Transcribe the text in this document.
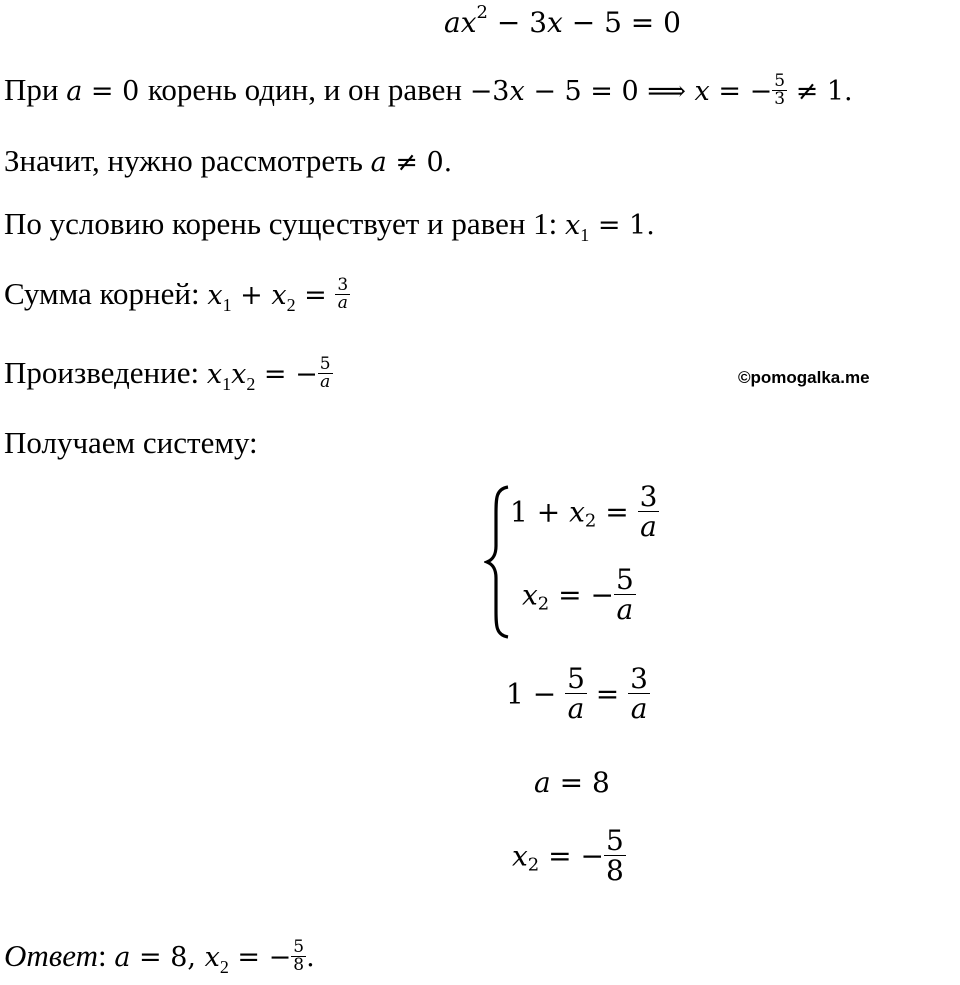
$ax^2 - 3x - 5 = 0$
При a = 0 корень один, и он равен −3x − 5 = 0 ⟹ x = − $\frac{5}{3} \ne 1$.
Значит, нужно рассмотреть a ≠ 0.
По условию корень существует и равен 1: $x_1 = 1$.
Сумма корней: $x_1 + x_2 = \frac{3}{a}$
Произведение: $x_1x_2$ = − $\frac{5}{a}$	©pomogalka.me
Получаем систему:
$1 + x_2 = \frac{3}{a}$
$x_2$ = − $\frac{5}{a}$
$1 - \frac{5}{a} = \frac{3}{a}$
a = 8
$x_2$ = − $\frac{5}{8}$
Ответ: a = 8, $x_2$ = − $\frac{5}{8}$ .
